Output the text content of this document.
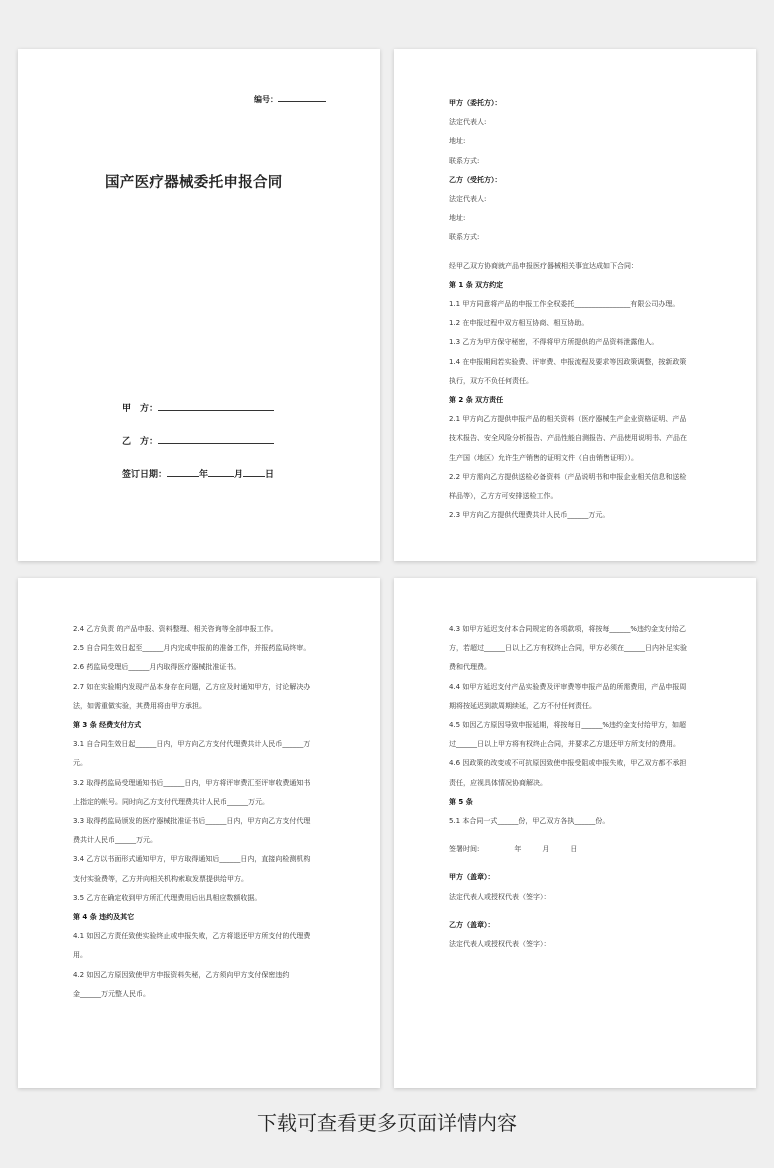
编号：
国产医疗器械委托申报合同
甲　方：
乙　方：
签订日期：	年	月 日

甲方（委托方）：

法定代表人:

地址:

联系方式:

乙方（受托方）：

法定代表人:

地址:

联系方式:

经甲乙双方协商就产品申报医疗器械相关事宜达成如下合同：

第 1 条 双方约定

1.1 甲方同意将产品的申报工作全权委托________________有限公司办理。

1.2 在申报过程中双方相互协商、相互协助。

1.3 乙方为甲方保守秘密，不得将甲方所提供的产品资料泄露他人。

1.4 在申报期间若实验费、评审费、申报流程及要求等因政策调整，按新政策

执行，双方不负任何责任。

第 2 条 双方责任

2.1 甲方向乙方提供申报产品的相关资料（医疗器械生产企业资格证明、产品

技术报告、安全风险分析报告、产品性能自测报告、产品使用说明书、产品在

生产国（地区）允许生产销售的证明文件（自由销售证明））。

2.2 甲方需向乙方提供送检必备资料（产品说明书和申报企业相关信息和送检

样品等），乙方方可安排送检工作。

2.3 甲方向乙方提供代理费共计人民币______万元。

2.4 乙方负责 的产品申报、资料整理、相关咨询等全部申报工作。

2.5 自合同生效日起至______月内完成申报前的准备工作，并报药监局终审。

2.6 药监局受理后______月内取得医疗器械批准证书。

2.7 如在实验期内发现产品本身存在问题，乙方应及时通知甲方，讨论解决办

法，如需重做实验，其费用将由甲方承担。

第 3 条 经费支付方式

3.1 自合同生效日起______日内，甲方向乙方支付代理费共计人民币______万

元。

3.2 取得药监局受理通知书后______日内，甲方将评审费汇至评审收费通知书

上指定的帐号。同时向乙方支付代理费共计人民币______万元。

3.3 取得药监局颁发的医疗器械批准证书后______日内，甲方向乙方支付代理

费共计人民币______万元。

3.4 乙方以书面形式通知甲方，甲方取得通知后______日内，直接向检测机构

支付实验费等，乙方并向相关机构索取发票提供给甲方。

3.5 乙方在确定收到甲方所汇代理费用后出具相应数额收据。

第 4 条 违约及其它

4.1 如因乙方责任致使实验终止或申报失败，乙方将退还甲方所支付的代理费

用。

4.2 如因乙方原因致使甲方申报资料失秘，乙方须向甲方支付保密违约

金______万元整人民币。

4.3 如甲方延迟支付本合同规定的各项款项，将按每______%违约金支付给乙

方，若超过______日以上乙方有权终止合同，甲方必须在______日内补足实验

费和代理费。

4.4 如甲方延迟支付产品实验费及评审费等申报产品的所需费用，产品申报周

期将按延迟到款周期续延，乙方不付任何责任。

4.5 如因乙方原因导致申报延期，将按每日______%违约金支付给甲方，如超

过______日以上甲方将有权终止合同，并要求乙方退还甲方所支付的费用。

4.6 因政策的改变或不可抗原因致使申报受阻或申报失败，甲乙双方都不承担

责任，应视具体情况协商解决。

第 5 条

5.1 本合同一式______份，甲乙双方各执______份。

签署时间:　　　　　年　　　月　　　日

甲方（盖章）：

法定代表人或授权代表（签字）：

乙方（盖章）：

法定代表人或授权代表（签字）：

下载可查看更多页面详情内容
